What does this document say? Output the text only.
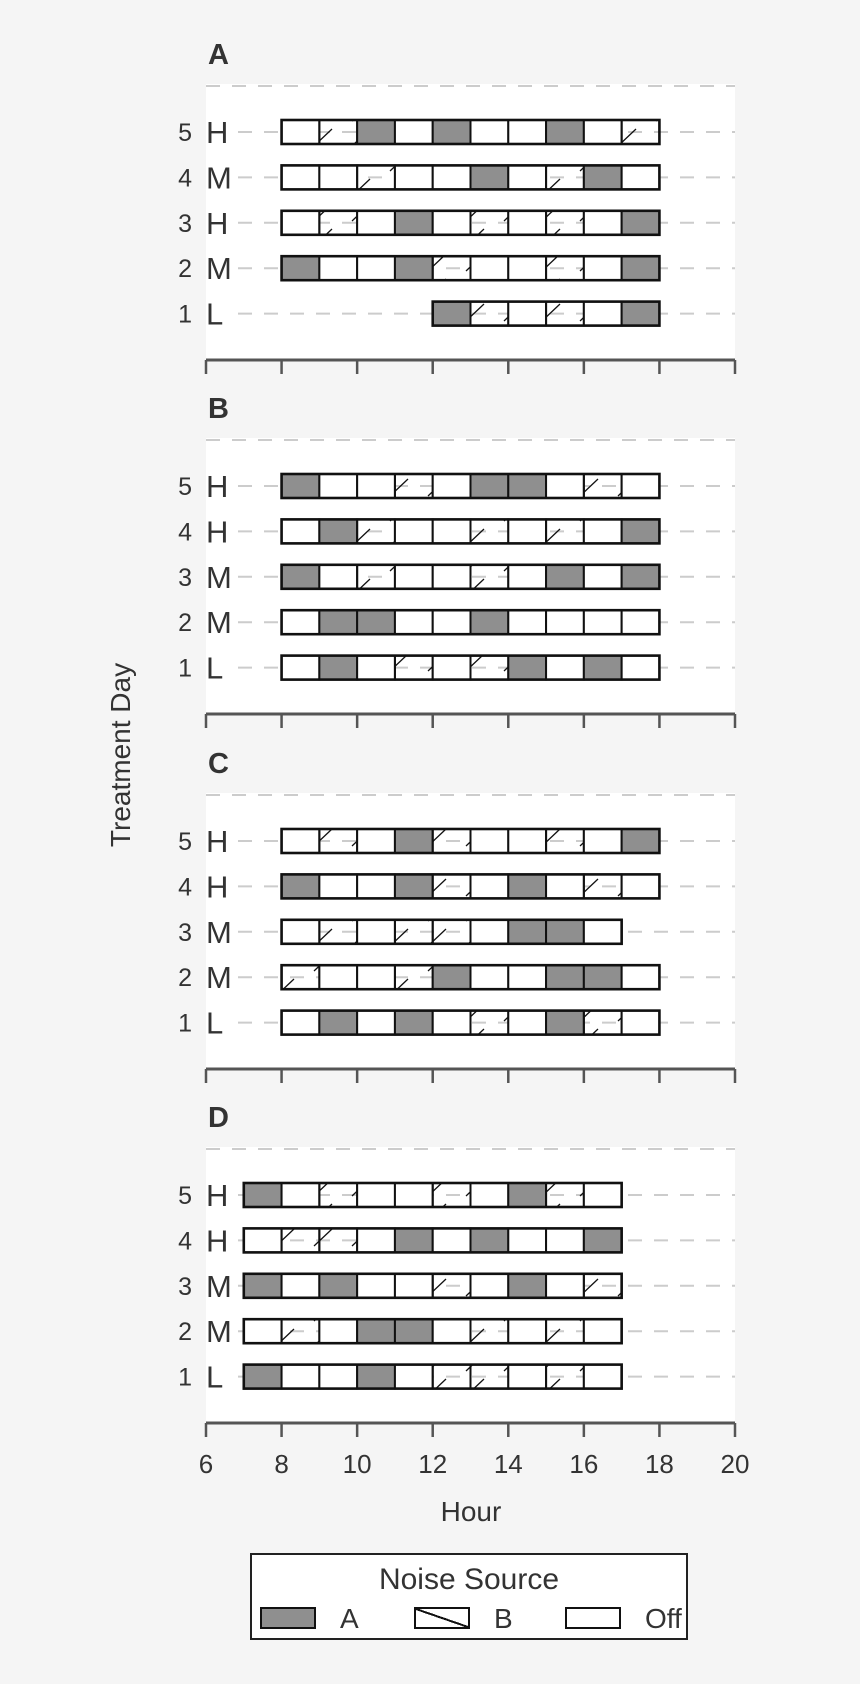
A
5 H
4 M
3 H
2 M
1 L
B
5 H
4 H
3 M
2 M
1 L
C
5 H
4 H
3 M
2 M
1 L
D
5 H
4 H
3 M
2 M
1 L
6 8 10 12 14 16 18 20
Treatment Day
Hour
Noise Source
A	B	Off
